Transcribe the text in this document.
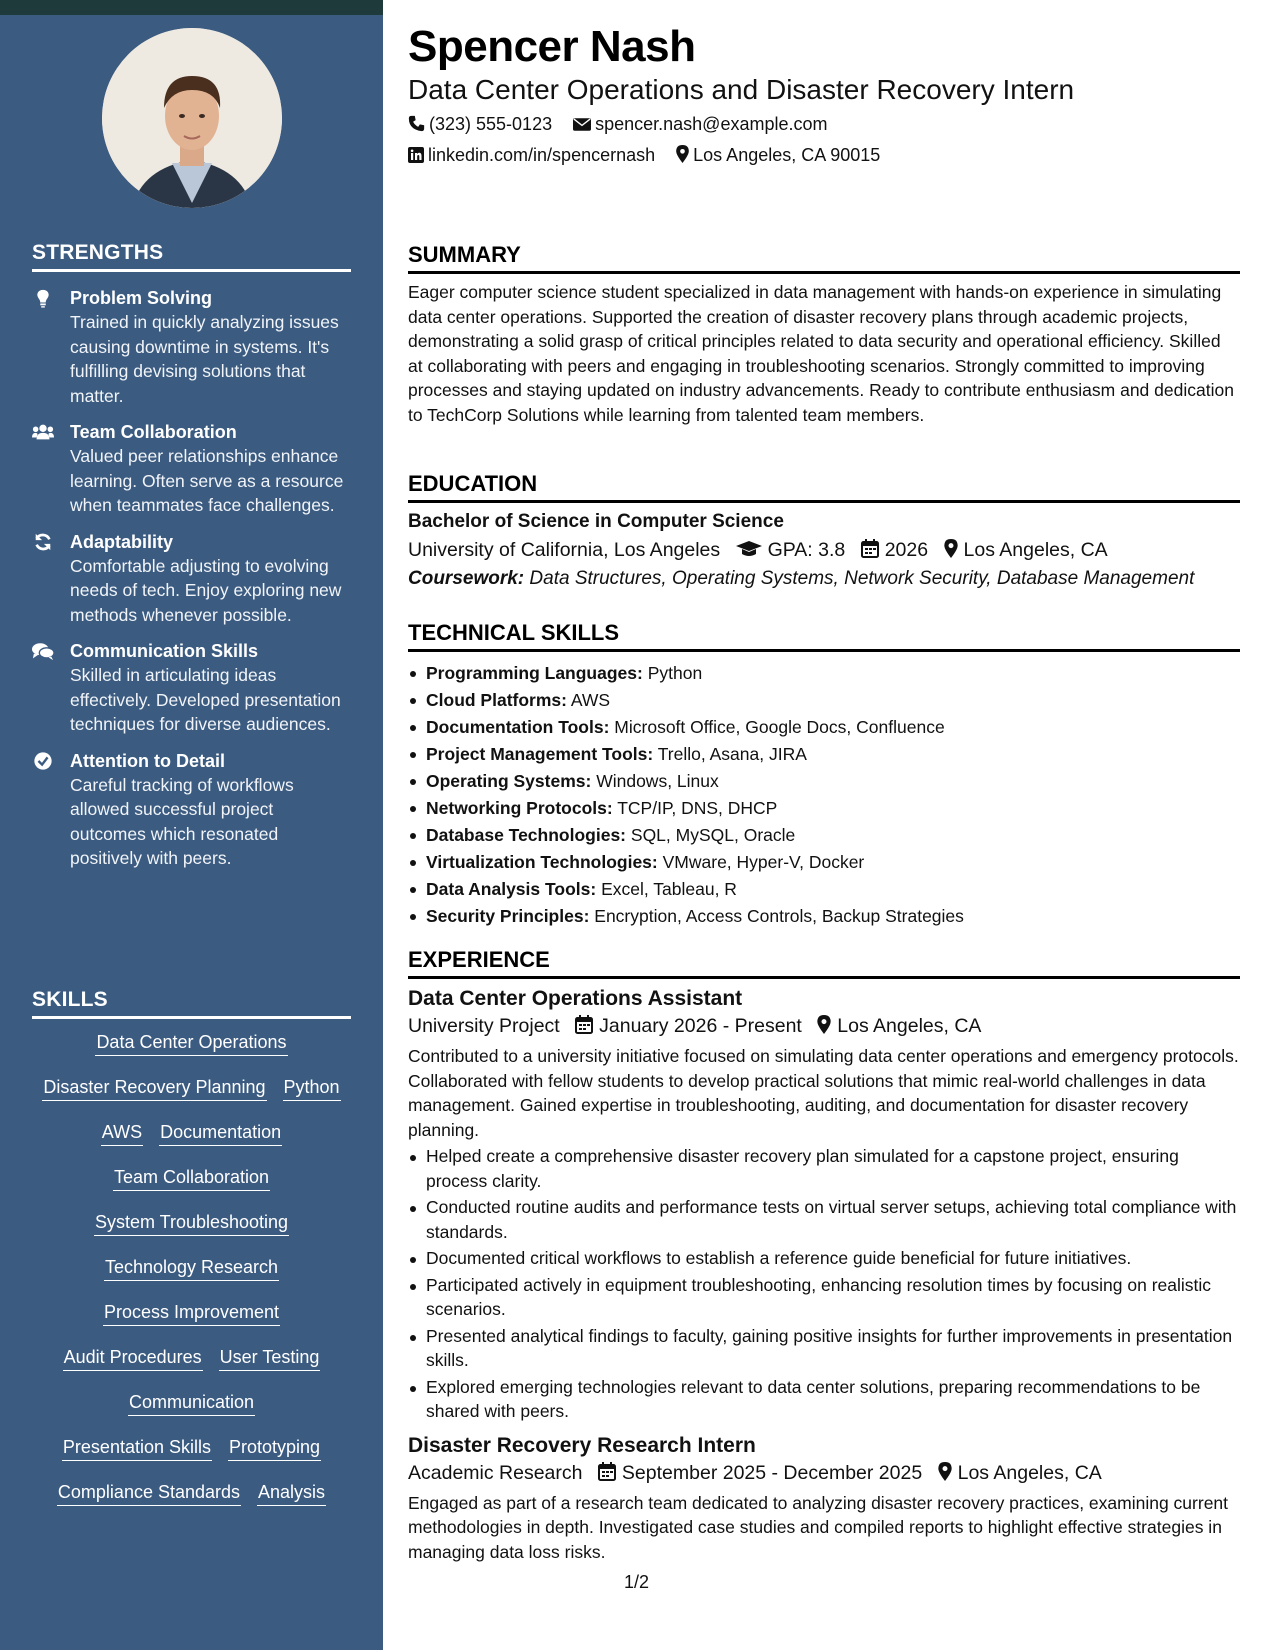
STRENGTHS
Problem Solving
Trained in quickly analyzing issues causing downtime in systems. It's fulfilling devising solutions that matter.
Team Collaboration
Valued peer relationships enhance learning. Often serve as a resource when teammates face challenges.
Adaptability
Comfortable adjusting to evolving needs of tech. Enjoy exploring new methods whenever possible.
Communication Skills
Skilled in articulating ideas effectively. Developed presentation techniques for diverse audiences.
Attention to Detail
Careful tracking of workflows allowed successful project outcomes which resonated positively with peers.
SKILLS
Data Center Operations
Disaster Recovery Planning Python
AWS Documentation
Team Collaboration
System Troubleshooting
Technology Research
Process Improvement
Audit Procedures User Testing
Communication
Presentation Skills Prototyping
Compliance Standards Analysis
Spencer Nash
Data Center Operations and Disaster Recovery Intern
(323) 555-0123 spencer.nash@example.com
linkedin.com/in/spencernash Los Angeles, CA 90015
SUMMARY
Eager computer science student specialized in data management with hands-on experience in simulating data center operations. Supported the creation of disaster recovery plans through academic projects, demonstrating a solid grasp of critical principles related to data security and operational efficiency. Skilled at collaborating with peers and engaging in troubleshooting scenarios. Strongly committed to improving processes and staying updated on industry advancements. Ready to contribute enthusiasm and dedication to TechCorp Solutions while learning from talented team members.
EDUCATION
Bachelor of Science in Computer Science
University of California, Los Angeles GPA: 3.8 2026 Los Angeles, CA
Coursework: Data Structures, Operating Systems, Network Security, Database Management
TECHNICAL SKILLS
Programming Languages: Python
Cloud Platforms: AWS
Documentation Tools: Microsoft Office, Google Docs, Confluence
Project Management Tools: Trello, Asana, JIRA
Operating Systems: Windows, Linux
Networking Protocols: TCP/IP, DNS, DHCP
Database Technologies: SQL, MySQL, Oracle
Virtualization Technologies: VMware, Hyper-V, Docker
Data Analysis Tools: Excel, Tableau, R
Security Principles: Encryption, Access Controls, Backup Strategies
EXPERIENCE
Data Center Operations Assistant
University Project January 2026 - Present Los Angeles, CA
Contributed to a university initiative focused on simulating data center operations and emergency protocols. Collaborated with fellow students to develop practical solutions that mimic real-world challenges in data management. Gained expertise in troubleshooting, auditing, and documentation for disaster recovery planning.
Helped create a comprehensive disaster recovery plan simulated for a capstone project, ensuring process clarity.
Conducted routine audits and performance tests on virtual server setups, achieving total compliance with standards.
Documented critical workflows to establish a reference guide beneficial for future initiatives.
Participated actively in equipment troubleshooting, enhancing resolution times by focusing on realistic scenarios.
Presented analytical findings to faculty, gaining positive insights for further improvements in presentation skills.
Explored emerging technologies relevant to data center solutions, preparing recommendations to be shared with peers.
Disaster Recovery Research Intern
Academic Research September 2025 - December 2025 Los Angeles, CA
Engaged as part of a research team dedicated to analyzing disaster recovery practices, examining current methodologies in depth. Investigated case studies and compiled reports to highlight effective strategies in managing data loss risks.
1/2
